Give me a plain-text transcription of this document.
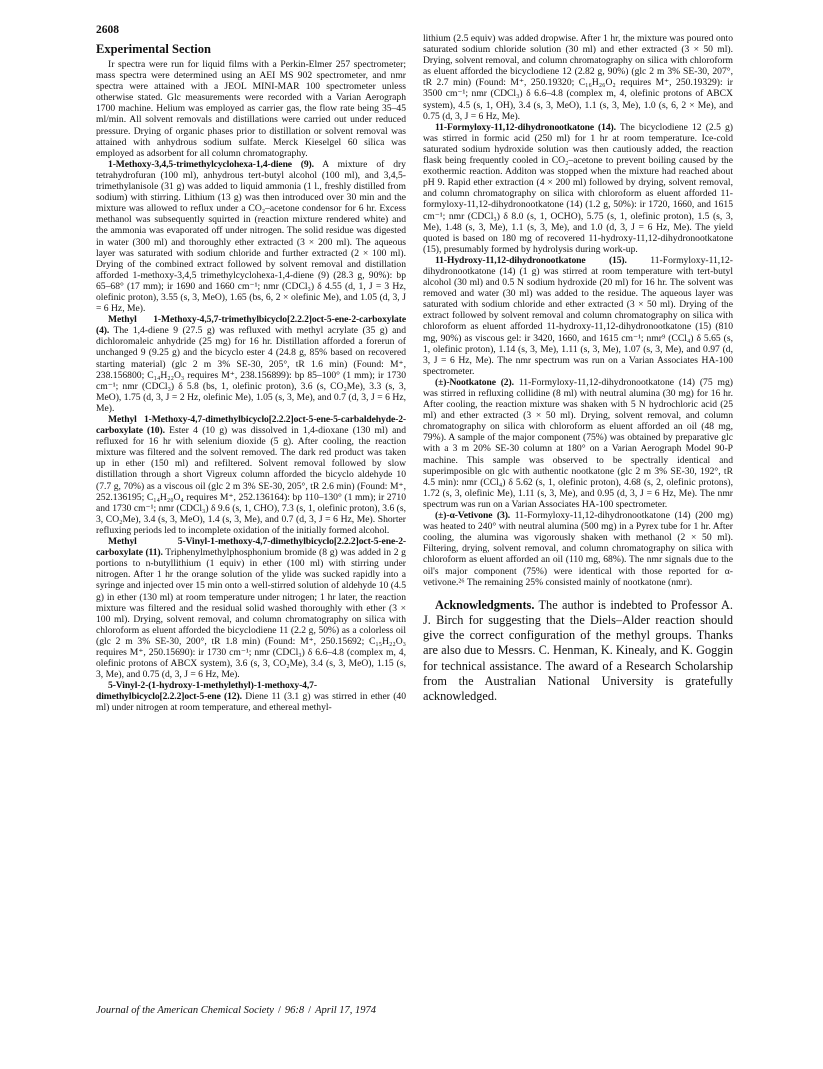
2608
Experimental Section

Ir spectra were run for liquid films with a Perkin-Elmer 257 spectrometer; mass spectra were determined using an AEI MS 902 spectrometer, and nmr spectra were attained with a JEOL MINI-MAR 100 spectrometer unless otherwise stated. Glc measurements were recorded with a Varian Aerograph 1700 machine. Helium was employed as carrier gas, the flow rate being 35–45 ml/min. All solvent removals and distillations were carried out under reduced pressure. Drying of organic phases prior to distillation or solvent removal was attained with anhydrous sodium sulfate. Merck Kieselgel 60 silica was employed as adsorbent for all column chromatography.

1-Methoxy-3,4,5-trimethylcyclohexa-1,4-diene (9). A mixture of dry tetrahydrofuran (100 ml), anhydrous tert-butyl alcohol (100 ml), and 3,4,5-trimethylanisole (31 g) was added to liquid ammonia (1 l., freshly distilled from sodium) with stirring. Lithium (13 g) was then introduced over 30 min and the mixture was allowed to reflux under a CO₂–acetone condensor for 6 hr. Excess methanol was subsequently squirted in (reaction mixture rendered white) and the ammonia was evaporated off under nitrogen. The solid residue was digested in water (300 ml) and thoroughly ether extracted (3 × 200 ml). The aqueous layer was saturated with sodium chloride and further extracted (2 × 100 ml). Drying of the combined extract followed by solvent removal and distillation afforded 1-methoxy-3,4,5 trimethylcyclohexa-1,4-diene (9) (28.3 g, 90%): bp 65–68° (17 mm); ir 1690 and 1660 cm⁻¹; nmr (CDCl₃) δ 4.55 (d, 1, J = 3 Hz, olefinic proton), 3.55 (s, 3, MeO), 1.65 (bs, 6, 2 × olefinic Me), and 1.05 (d, 3, J = 6 Hz, Me).

Methyl 1-Methoxy-4,5,7-trimethylbicyclo[2.2.2]oct-5-ene-2-carboxylate (4). The 1,4-diene 9 (27.5 g) was refluxed with methyl acrylate (35 g) and dichloromaleic anhydride (25 mg) for 16 hr. Distillation afforded a forerun of unchanged 9 (9.25 g) and the bicyclo ester 4 (24.8 g, 85% based on recovered starting material) (glc 2 m 3% SE-30, 205°, tR 1.6 min) (Found: M⁺, 238.156800; C₁₄H₂₂O₃ requires M⁺, 238.156899): bp 85–100° (1 mm); ir 1730 cm⁻¹; nmr (CDCl₃) δ 5.8 (bs, 1, olefinic proton), 3.6 (s, CO₂Me), 3.3 (s, 3, MeO), 1.75 (d, 3, J = 2 Hz, olefinic Me), 1.05 (s, 3, Me), and 0.7 (d, 3, J = 6 Hz, Me).

Methyl 1-Methoxy-4,7-dimethylbicyclo[2.2.2]oct-5-ene-5-carbaldehyde-2-carboxylate (10). Ester 4 (10 g) was dissolved in 1,4-dioxane (130 ml) and refluxed for 16 hr with selenium dioxide (5 g). After cooling, the reaction mixture was filtered and the solvent removed. The dark red product was taken up in ether (150 ml) and refiltered. Solvent removal followed by slow distillation through a short Vigreux column afforded the bicyclo aldehyde 10 (7.7 g, 70%) as a viscous oil (glc 2 m 3% SE-30, 205°, tR 2.6 min) (Found: M⁺, 252.136195; C₁₄H₂₀O₄ requires M⁺, 252.136164): bp 110–130° (1 mm); ir 2710 and 1730 cm⁻¹; nmr (CDCl₃) δ 9.6 (s, 1, CHO), 7.3 (s, 1, olefinic proton), 3.6 (s, 3, CO₂Me), 3.4 (s, 3, MeO), 1.4 (s, 3, Me), and 0.7 (d, 3, J = 6 Hz, Me). Shorter refluxing periods led to incomplete oxidation of the initially formed alcohol.

Methyl 5-Vinyl-1-methoxy-4,7-dimethylbicyclo[2.2.2]oct-5-ene-2-carboxylate (11). Triphenylmethylphosphonium bromide (8 g) was added in 2 g portions to n-butyllithium (1 equiv) in ether (100 ml) with stirring under nitrogen. After 1 hr the orange solution of the ylide was sucked rapidly into a syringe and injected over 15 min onto a well-stirred solution of aldehyde 10 (4.5 g) in ether (130 ml) at room temperature under nitrogen; 1 hr later, the reaction mixture was filtered and the residual solid washed thoroughly with ether (3 × 100 ml). Drying, solvent removal, and column chromatography on silica with chloroform as eluent afforded the bicyclodiene 11 (2.2 g, 50%) as a colorless oil (glc 2 m 3% SE-30, 200°, tR 1.8 min) (Found: M⁺, 250.15692; C₁₅H₂₂O₃ requires M⁺, 250.15690): ir 1730 cm⁻¹; nmr (CDCl₃) δ 6.6–4.8 (complex m, 4, olefinic protons of ABCX system), 3.6 (s, 3, CO₂Me), 3.4 (s, 3, MeO), 1.15 (s, 3, Me), and 0.75 (d, 3, J = 6 Hz, Me).

5-Vinyl-2-(1-hydroxy-1-methylethyl)-1-methoxy-4,7-dimethylbicyclo[2.2.2]oct-5-ene (12). Diene 11 (3.1 g) was stirred in ether (40 ml) under nitrogen at room temperature, and ethereal methyl-

lithium (2.5 equiv) was added dropwise. After 1 hr, the mixture was poured onto saturated sodium chloride solution (30 ml) and ether extracted (3 × 50 ml). Drying, solvent removal, and column chromatography on silica with chloroform as eluent afforded the bicyclodiene 12 (2.82 g, 90%) (glc 2 m 3% SE-30, 207°, tR 2.7 min) (Found: M⁺, 250.19320; C₁₆H₂₆O₂ requires M⁺, 250.19329): ir 3500 cm⁻¹; nmr (CDCl₃) δ 6.6–4.8 (complex m, 4, olefinic protons of ABCX system), 4.5 (s, 1, OH), 3.4 (s, 3, MeO), 1.1 (s, 3, Me), 1.0 (s, 6, 2 × Me), and 0.75 (d, 3, J = 6 Hz, Me).

11-Formyloxy-11,12-dihydronootkatone (14). The bicyclodiene 12 (2.5 g) was stirred in formic acid (250 ml) for 1 hr at room temperature. Ice-cold saturated sodium hydroxide solution was then cautiously added, the reaction flask being frequently cooled in CO₂–acetone to prevent boiling caused by the exothermic reaction. Additon was stopped when the mixture had reached about pH 9. Rapid ether extraction (4 × 200 ml) followed by drying, solvent removal, and column chromatography on silica with chloroform as eluent afforded 11-formyloxy-11,12-dihydronootkatone (14) (1.2 g, 50%): ir 1720, 1660, and 1615 cm⁻¹; nmr (CDCl₃) δ 8.0 (s, 1, OCHO), 5.75 (s, 1, olefinic proton), 1.5 (s, 3, Me), 1.48 (s, 3, Me), 1.1 (s, 3, Me), and 1.0 (d, 3, J = 6 Hz, Me). The yield quoted is based on 180 mg of recovered 11-hydroxy-11,12-dihydronootkatone (15), presumably formed by hydrolysis during work-up.

11-Hydroxy-11,12-dihydronootkatone (15). 11-Formyloxy-11,12-dihydronootkatone (14) (1 g) was stirred at room temperature with tert-butyl alcohol (30 ml) and 0.5 N sodium hydroxide (20 ml) for 16 hr. The solvent was removed and water (30 ml) was added to the residue. The aqueous layer was saturated with sodium chloride and ether extracted (3 × 50 ml). Drying of the extract followed by solvent removal and column chromatography on silica with chloroform as eluent afforded 11-hydroxy-11,12-dihydronootkatone (15) (810 mg, 90%) as viscous gel: ir 3420, 1660, and 1615 cm⁻¹; nmr⁹ (CCl₄) δ 5.65 (s, 1, olefinic proton), 1.14 (s, 3, Me), 1.11 (s, 3, Me), 1.07 (s, 3, Me), and 0.97 (d, 3, J = 6 Hz, Me). The nmr spectrum was run on a Varian Associates HA-100 spectrometer.

(±)-Nootkatone (2). 11-Formyloxy-11,12-dihydronootkatone (14) (75 mg) was stirred in refluxing collidine (8 ml) with neutral alumina (30 mg) for 16 hr. After cooling, the reaction mixture was shaken with 5 N hydrochloric acid (25 ml) and ether extracted (3 × 50 ml). Drying, solvent removal, and column chromatography on silica with chloroform as eluent afforded an oil (48 mg, 79%). A sample of the major component (75%) was obtained by preparative glc with a 3 m 20% SE-30 column at 180° on a Varian Aerograph Model 90-P machine. This sample was observed to be spectrally identical and superimposible on glc with authentic nootkatone (glc 2 m 3% SE-30, 192°, tR 4.5 min): nmr (CCl₄) δ 5.62 (s, 1, olefinic proton), 4.68 (s, 2, olefinic protons), 1.72 (s, 3, olefinic Me), 1.11 (s, 3, Me), and 0.95 (d, 3, J = 6 Hz, Me). The nmr spectrum was run on a Varian Associates HA-100 spectrometer.

(±)-α-Vetivone (3). 11-Formyloxy-11,12-dihydronootkatone (14) (200 mg) was heated to 240° with neutral alumina (500 mg) in a Pyrex tube for 1 hr. After cooling, the alumina was vigorously shaken with methanol (2 × 50 ml). Filtering, drying, solvent removal, and column chromatography on silica with chloroform as eluent afforded an oil (110 mg, 68%). The nmr signals due to the oil's major component (75%) were identical with those reported for α-vetivone.²⁶ The remaining 25% consisted mainly of nootkatone (nmr).

Acknowledgments. The author is indebted to Professor A. J. Birch for suggesting that the Diels–Alder reaction should give the correct configuration of the methyl groups. Thanks are also due to Messrs. C. Henman, K. Kinealy, and K. Goggin for technical assistance. The award of a Research Scholarship from the Australian National University is gratefully acknowledged.

Journal of the American Chemical Society / 96:8 / April 17, 1974
